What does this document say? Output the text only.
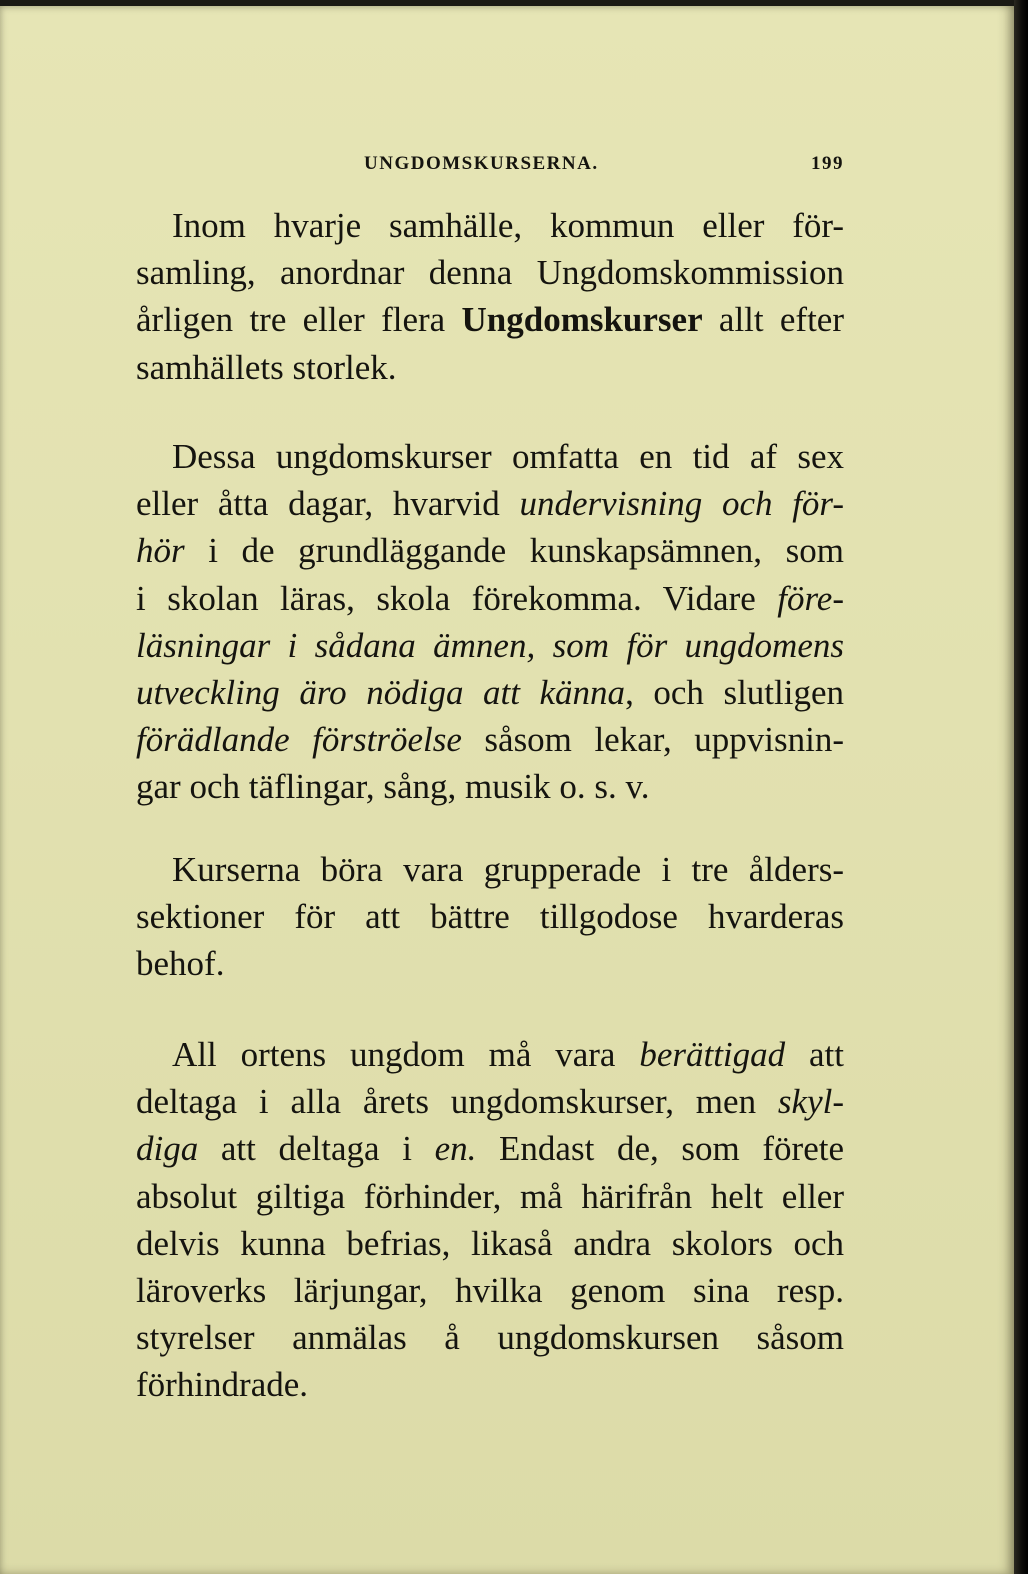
UNGDOMSKURSERNA.	199

Inom hvarje samhälle, kommun eller för-
samling, anordnar denna Ungdomskommission
årligen tre eller flera Ungdomskurser allt efter
samhällets storlek.

Dessa ungdomskurser omfatta en tid af sex
eller åtta dagar, hvarvid undervisning och för-
hör i de grundläggande kunskapsämnen, som
i skolan läras, skola förekomma. Vidare före-
läsningar i sådana ämnen, som för ungdomens
utveckling äro nödiga att känna, och slutligen
förädlande förströelse såsom lekar, uppvisnin-
gar och täflingar, sång, musik o. s. v.

Kurserna böra vara grupperade i tre ålders-
sektioner för att bättre tillgodose hvarderas
behof.

All ortens ungdom må vara berättigad att
deltaga i alla årets ungdomskurser, men skyl-
diga att deltaga i en. Endast de, som förete
absolut giltiga förhinder, må härifrån helt eller
delvis kunna befrias, likaså andra skolors och
läroverks lärjungar, hvilka genom sina resp.
styrelser anmälas å ungdomskursen såsom
förhindrade.
